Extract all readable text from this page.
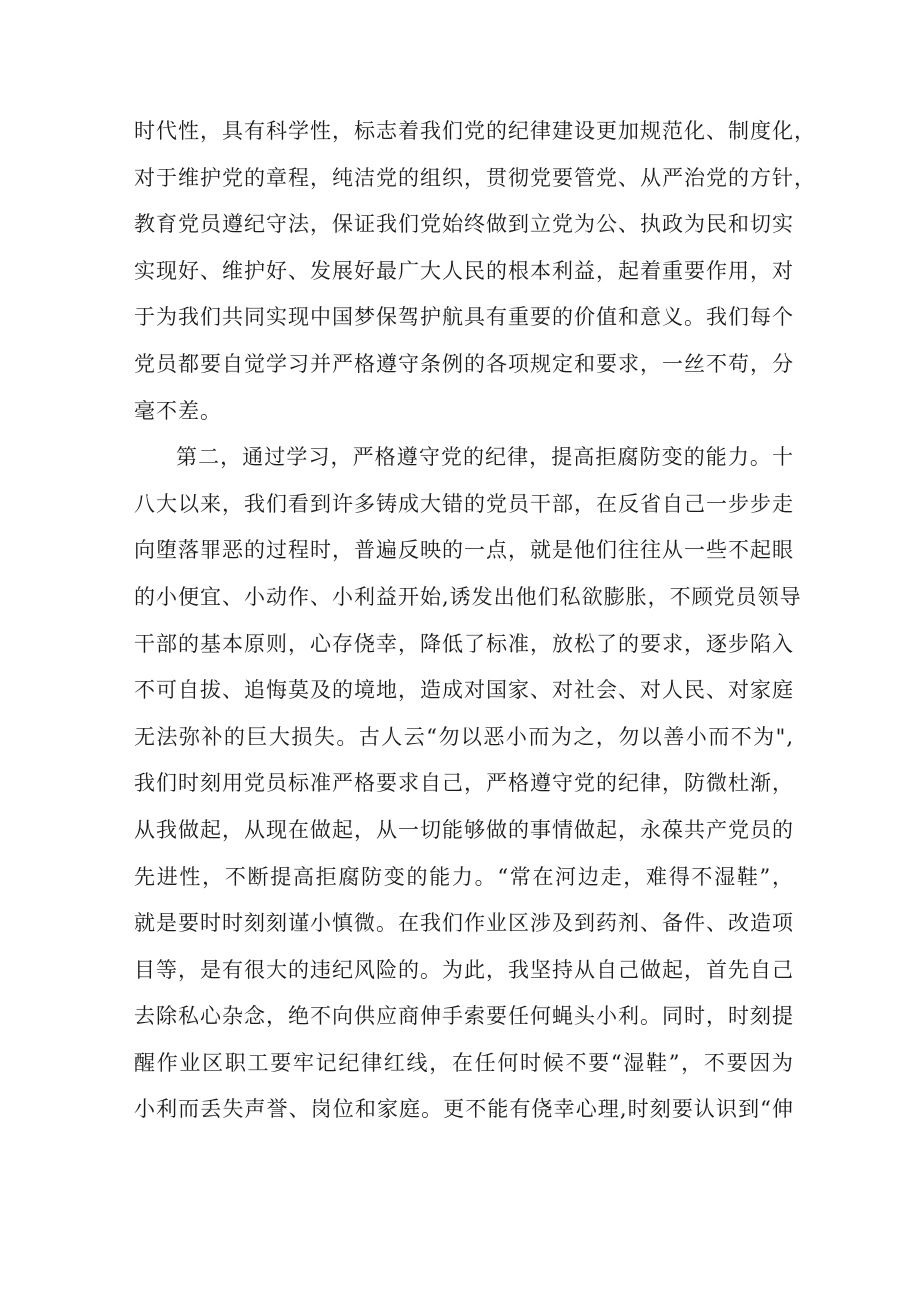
时代性，具有科学性，标志着我们党的纪律建设更加规范化、制度化，
对于维护党的章程，纯洁党的组织，贯彻党要管党、从严治党的方针，
教育党员遵纪守法，保证我们党始终做到立党为公、执政为民和切实
实现好、维护好、发展好最广大人民的根本利益，起着重要作用，对
于为我们共同实现中国梦保驾护航具有重要的价值和意义。我们每个
党员都要自觉学习并严格遵守条例的各项规定和要求，一丝不苟，分
毫不差。
第二，通过学习，严格遵守党的纪律，提高拒腐防变的能力。十
八大以来，我们看到许多铸成大错的党员干部，在反省自己一步步走
向堕落罪恶的过程时，普遍反映的一点，就是他们往往从一些不起眼
的小便宜、小动作、小利益开始,诱发出他们私欲膨胀，不顾党员领导
干部的基本原则，心存侥幸，降低了标准，放松了的要求，逐步陷入
不可自拔、追悔莫及的境地，造成对国家、对社会、对人民、对家庭
无法弥补的巨大损失。古人云“勿以恶小而为之，勿以善小而不为",
我们时刻用党员标准严格要求自己，严格遵守党的纪律，防微杜渐，
从我做起，从现在做起，从一切能够做的事情做起，永葆共产党员的
先进性，不断提高拒腐防变的能力。“常在河边走，难得不湿鞋”，
就是要时时刻刻谨小慎微。在我们作业区涉及到药剂、备件、改造项
目等，是有很大的违纪风险的。为此，我坚持从自己做起，首先自己
去除私心杂念，绝不向供应商伸手索要任何蝇头小利。同时，时刻提
醒作业区职工要牢记纪律红线，在任何时候不要“湿鞋”，不要因为
小利而丢失声誉、岗位和家庭。更不能有侥幸心理,时刻要认识到“伸
